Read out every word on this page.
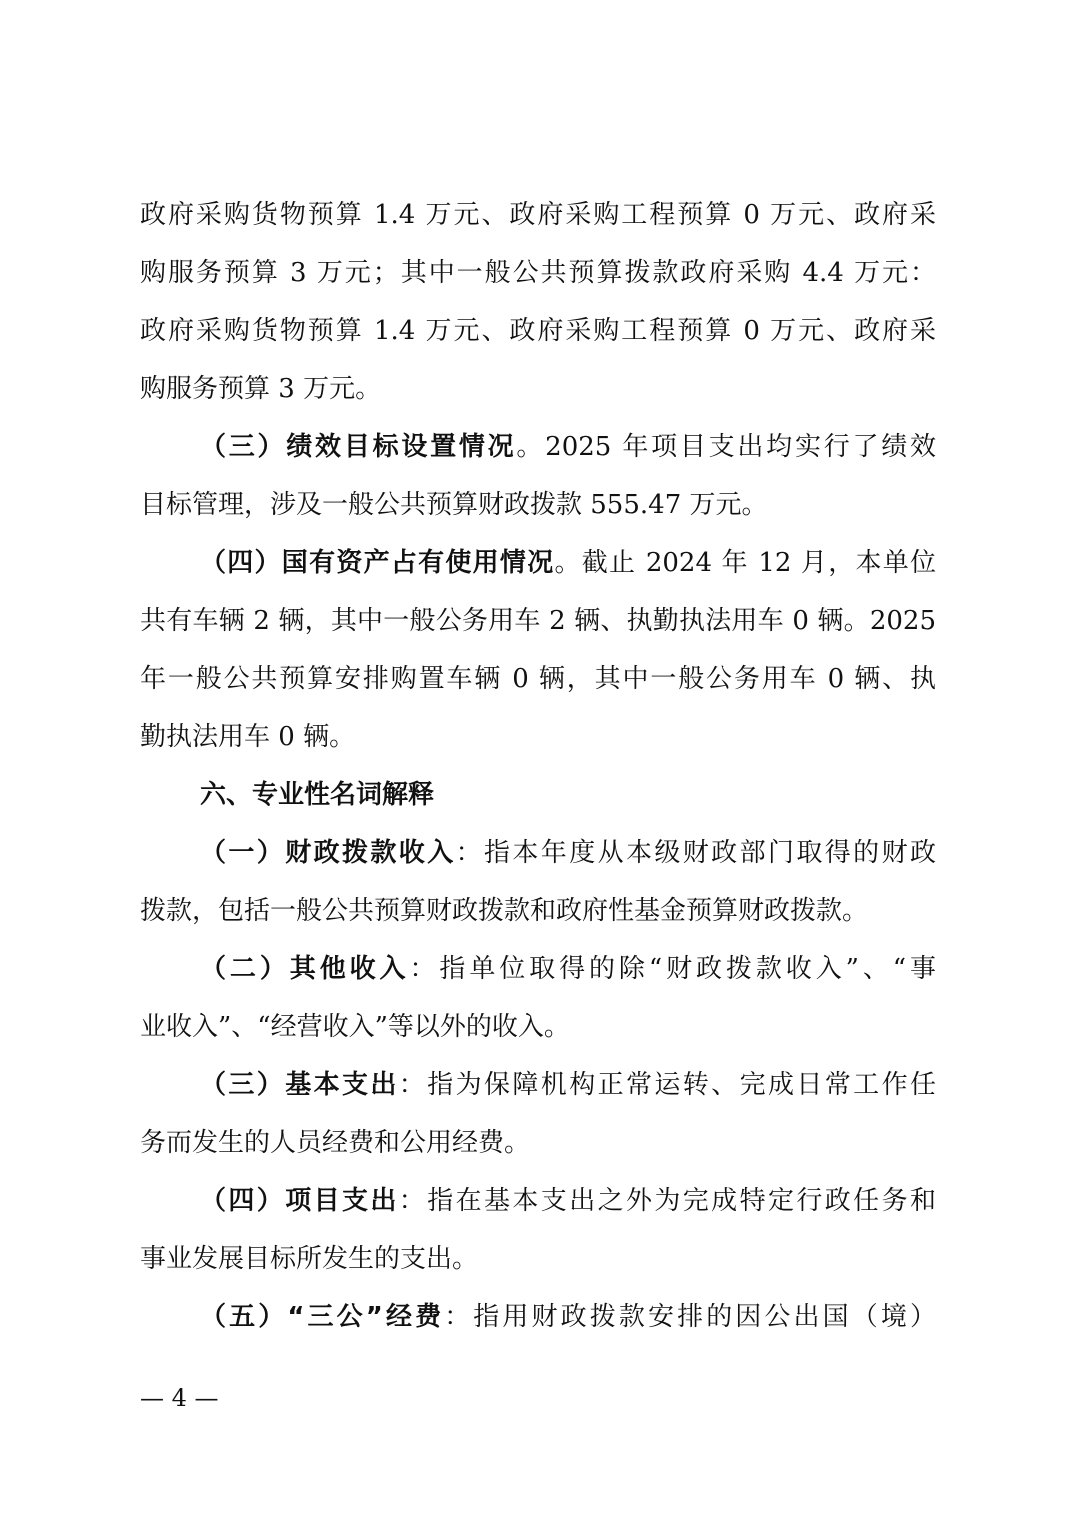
政府采购货物预算 1.4 万元、政府采购工程预算 0 万元、政府采
购服务预算 3 万元；其中一般公共预算拨款政府采购 4.4 万元：
政府采购货物预算 1.4 万元、政府采购工程预算 0 万元、政府采
购服务预算 3 万元。
（三）绩效目标设置情况。2025 年项目支出均实行了绩效
目标管理，涉及一般公共预算财政拨款 555.47 万元。
（四）国有资产占有使用情况。截止 2024 年 12 月，本单位
共有车辆 2 辆，其中一般公务用车 2 辆、执勤执法用车 0 辆。2025
年一般公共预算安排购置车辆 0 辆，其中一般公务用车 0 辆、执
勤执法用车 0 辆。
六、专业性名词解释
（一）财政拨款收入：指本年度从本级财政部门取得的财政
拨款，包括一般公共预算财政拨款和政府性基金预算财政拨款。
（二）其他收入：指单位取得的除“财政拨款收入”、“事
业收入”、“经营收入”等以外的收入。
（三）基本支出：指为保障机构正常运转、完成日常工作任
务而发生的人员经费和公用经费。
（四）项目支出：指在基本支出之外为完成特定行政任务和
事业发展目标所发生的支出。
（五）“三公”经费：指用财政拨款安排的因公出国（境）
— 4 —
